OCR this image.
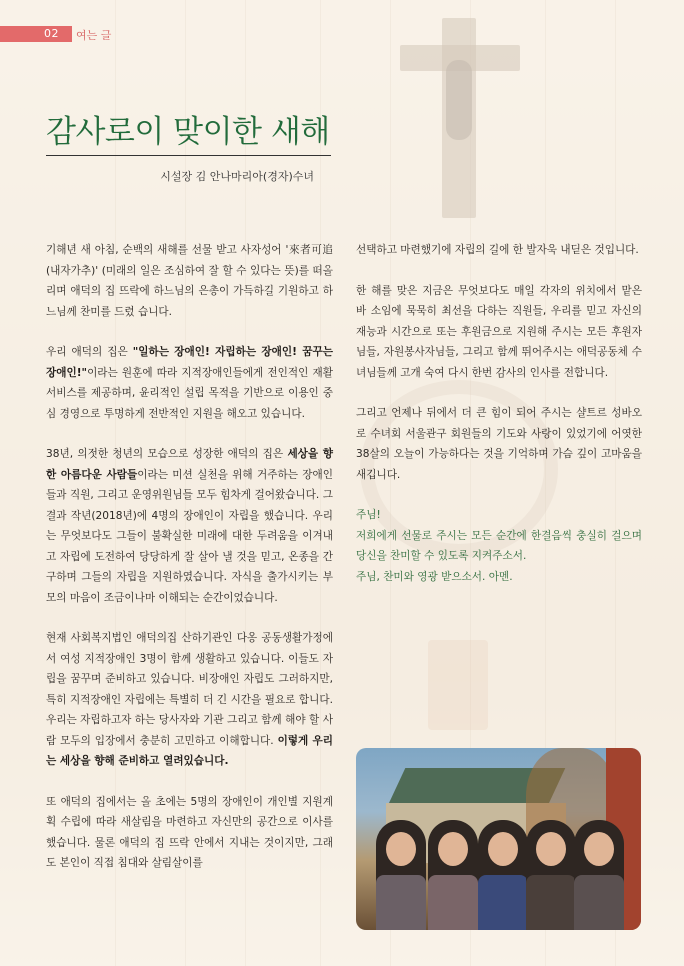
02 여는 글
감사로이 맞이한 새해
시설장 김 안나마리아(경자)수녀

기해년 새 아침, 순백의 새해를 선물 받고 사자성어 '來者可追(내자가추)' (미래의 일은 조심하여 잘 할 수 있다는 뜻)를 떠올리며 애덕의 집 뜨락에 하느님의 은총이 가득하길 기원하고 하느님께 찬미를 드렸 습니다.

우리 애덕의 집은 "일하는 장애인! 자립하는 장애인! 꿈꾸는 장애인!"이라는 원훈에 따라 지적장애인들에게 전인적인 재활서비스를 제공하며, 윤리적인 설립 목적을 기반으로 이용인 중심 경영으로 투명하게 전반적인 지원을 해오고 있습니다.

38년, 의젓한 청년의 모습으로 성장한 애덕의 집은 세상을 향한 아름다운 사람들이라는 미션 실천을 위해 거주하는 장애인들과 직원, 그리고 운영위원님들 모두 힘차게 걸어왔습니다. 그 결과 작년(2018년)에 4명의 장애인이 자립을 했습니다. 우리는 무엇보다도 그들이 불확실한 미래에 대한 두려움을 이겨내고 자립에 도전하여 당당하게 잘 살아 낼 것을 믿고, 온종을 간구하며 그들의 자립을 지원하였습니다. 자식을 출가시키는 부모의 마음이 조금이나마 이해되는 순간이었습니다.

현재 사회복지법인 애덕의집 산하기관인 다옹 공동생활가정에서 여성 지적장애인 3명이 함께 생활하고 있습니다. 이들도 자립을 꿈꾸며 준비하고 있습니다. 비장애인 자립도 그러하지만, 특히 지적장애인 자립에는 특별히 더 긴 시간을 필요로 합니다. 우리는 자립하고자 하는 당사자와 기관 그리고 함께 해야 할 사람 모두의 입장에서 충분히 고민하고 이해합니다. 이렇게 우리는 세상을 향해 준비하고 열려있습니다.

또 애덕의 집에서는 올 초에는 5명의 장애인이 개인별 지원계획 수립에 따라 새살림을 마련하고 자신만의 공간으로 이사를 했습니다. 물론 애덕의 집 뜨락 안에서 지내는 것이지만, 그래도 본인이 직접 침대와 살림살이를

선택하고 마련했기에 자립의 길에 한 발자욱 내딛은 것입니다.

한 해를 맞은 지금은 무엇보다도 매일 각자의 위치에서 맡은 바 소임에 묵묵히 최선을 다하는 직원들, 우리를 믿고 자신의 재능과 시간으로 또는 후원금으로 지원해 주시는 모든 후원자님들, 자원봉사자님들, 그리고 함께 뛰어주시는 애덕공동체 수녀님들께 고개 숙여 다시 한번 감사의 인사를 전합니다.

그리고 언제나 뒤에서 더 큰 힘이 되어 주시는 샬트르 성바오로 수녀회 서울관구 회원들의 기도와 사랑이 있었기에 어엿한 38살의 오늘이 가능하다는 것을 기억하며 가슴 깊이 고마움을 새깁니다.

주님!
저희에게 선물로 주시는 모든 순간에 한결음씩 충실히 걸으며 당신을 찬미할 수 있도록 지켜주소서.
주님, 찬미와 영광 받으소서. 아멘.
